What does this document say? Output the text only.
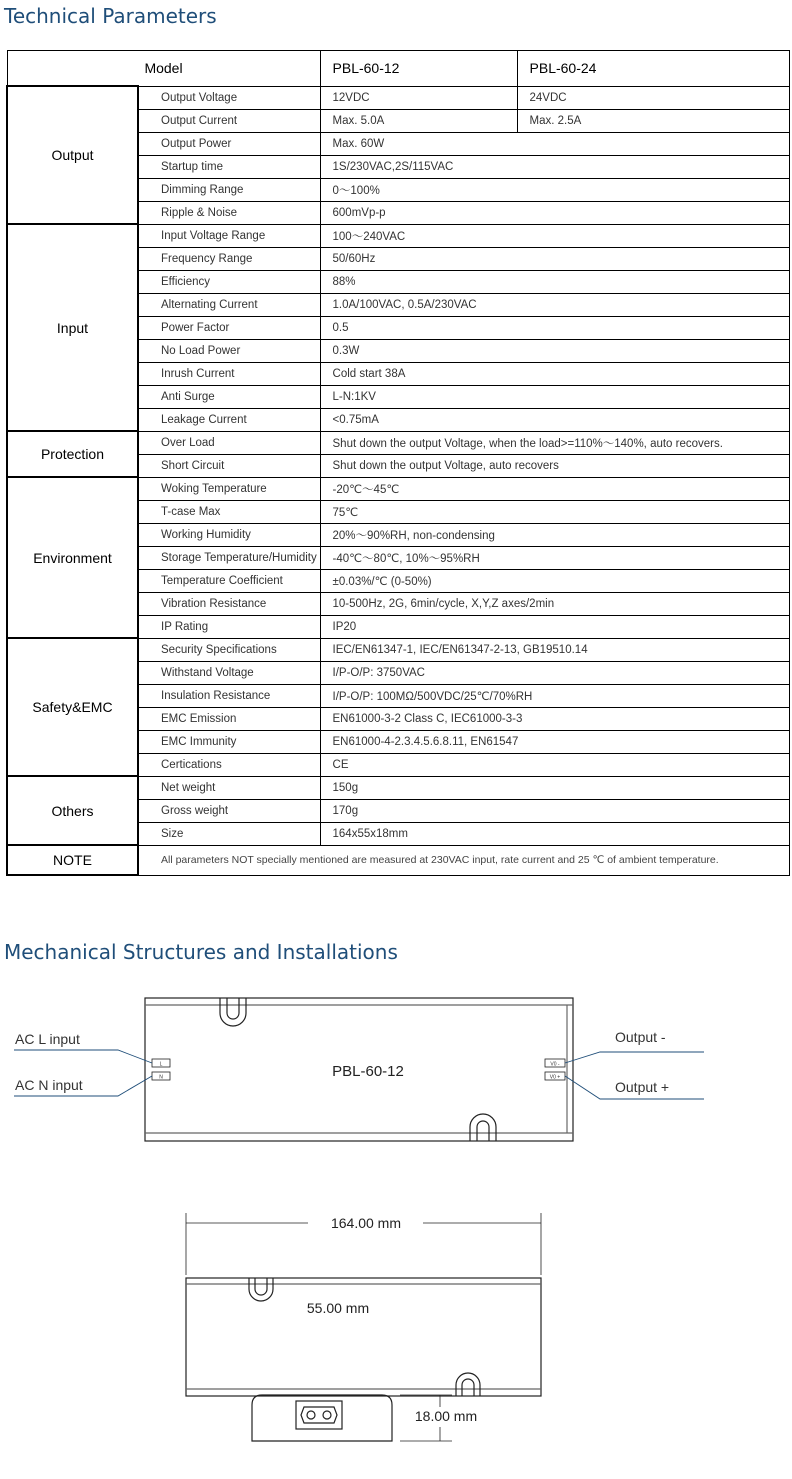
Technical Parameters
Model		PBL-60-12	PBL-60-24
Output	Output Voltage	12VDC	24VDC
	Output Current	Max. 5.0A	Max. 2.5A
	Output Power	Max. 60W	
	Startup time	1S/230VAC,2S/115VAC	
	Dimming Range	0～100%	
	Ripple & Noise	600mVp-p	
Input	Input Voltage Range	100～240VAC	
	Frequency Range	50/60Hz	
	Efficiency	88%	
	Alternating Current	1.0A/100VAC, 0.5A/230VAC	
	Power Factor	0.5	
	No Load Power	0.3W	
	Inrush Current	Cold start 38A	
	Anti Surge	L-N:1KV	
	Leakage Current	<0.75mA	
Protection	Over Load	Shut down the output Voltage, when the load>=110%～140%, auto recovers.	
	Short Circuit	Shut down the output Voltage, auto recovers	
Environment	Woking Temperature	-20℃～45℃	
	T-case Max	75℃	
	Working Humidity	20%～90%RH, non-condensing	
	Storage Temperature/Humidity	-40℃～80℃, 10%～95%RH	
	Temperature Coefficient	±0.03%/℃ (0-50%)	
	Vibration Resistance	10-500Hz, 2G, 6min/cycle, X,Y,Z axes/2min	
	IP Rating	IP20	
Safety&EMC	Security Specifications	IEC/EN61347-1, IEC/EN61347-2-13, GB19510.14	
	Withstand Voltage	I/P-O/P: 3750VAC	
	Insulation Resistance	I/P-O/P: 100MΩ/500VDC/25℃/70%RH	
	EMC Emission	EN61000-3-2 Class C, IEC61000-3-3	
	EMC Immunity	EN61000-4-2.3.4.5.6.8.11, EN61547	
	Certications	CE	
Others	Net weight	150g	
	Gross weight	170g	
	Size	164x55x18mm	
NOTE	All parameters NOT specially mentioned are measured at 230VAC input, rate current and 25 ℃ of ambient temperature.		
Mechanical Structures and Installations
L
N
V0 -
V0 +
PBL-60-12
AC L input
AC N input
Output -
Output +
164.00 mm
55.00 mm
18.00 mm
